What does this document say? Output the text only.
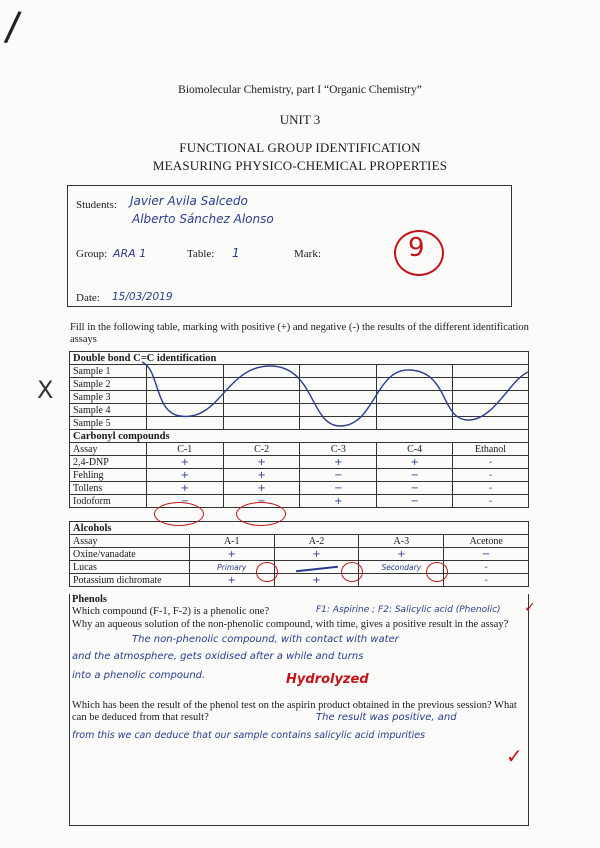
/
X
Biomolecular Chemistry, part I “Organic Chemistry”
UNIT 3
FUNCTIONAL GROUP IDENTIFICATION
MEASURING PHYSICO-CHEMICAL PROPERTIES
Students: Javier Avila Salcedo
Alberto Sánchez Alonso
Group: ARA 1	Table: 1	Mark:	9
Date: 15/03/2019
Fill in the following table, marking with positive (+) and negative (-) the results of the different identification assays
Double bond C=C identification					
Sample 1					
Sample 2					
Sample 3					
Sample 4					
Sample 5					
Carbonyl compounds					
Assay	C-1	C-2	C-3	C-4	Ethanol
2,4-DNP	+	+	+	+	-
Fehling	+	+	−	−	-
Tollens	+	+	−	−	-
Iodoform	−	−	+	−	-
Alcohols				
Assay	A-1	A-2	A-3	Acetone
Oxine/vanadate	+	+	+	−
Lucas	Primary		Secondary	-
Potassium dichromate	+	+		-
Phenols
Which compound (F-1, F-2) is a phenolic one?	F1: Aspirine ; F2: Salicylic acid (Phenolic) ✓
Why an aqueous solution of the non-phenolic compound, with time, gives a positive result in the assay?
The non-phenolic compound, with contact with water
and the atmosphere, gets oxidised after a while and turns
into a phenolic compound.	Hydrolyzed
Which has been the result of the phenol test on the aspirin product obtained in the previous session? What can be deduced from that result?	The result was positive, and
from this we can deduce that our sample contains salicylic acid impurities
✓
